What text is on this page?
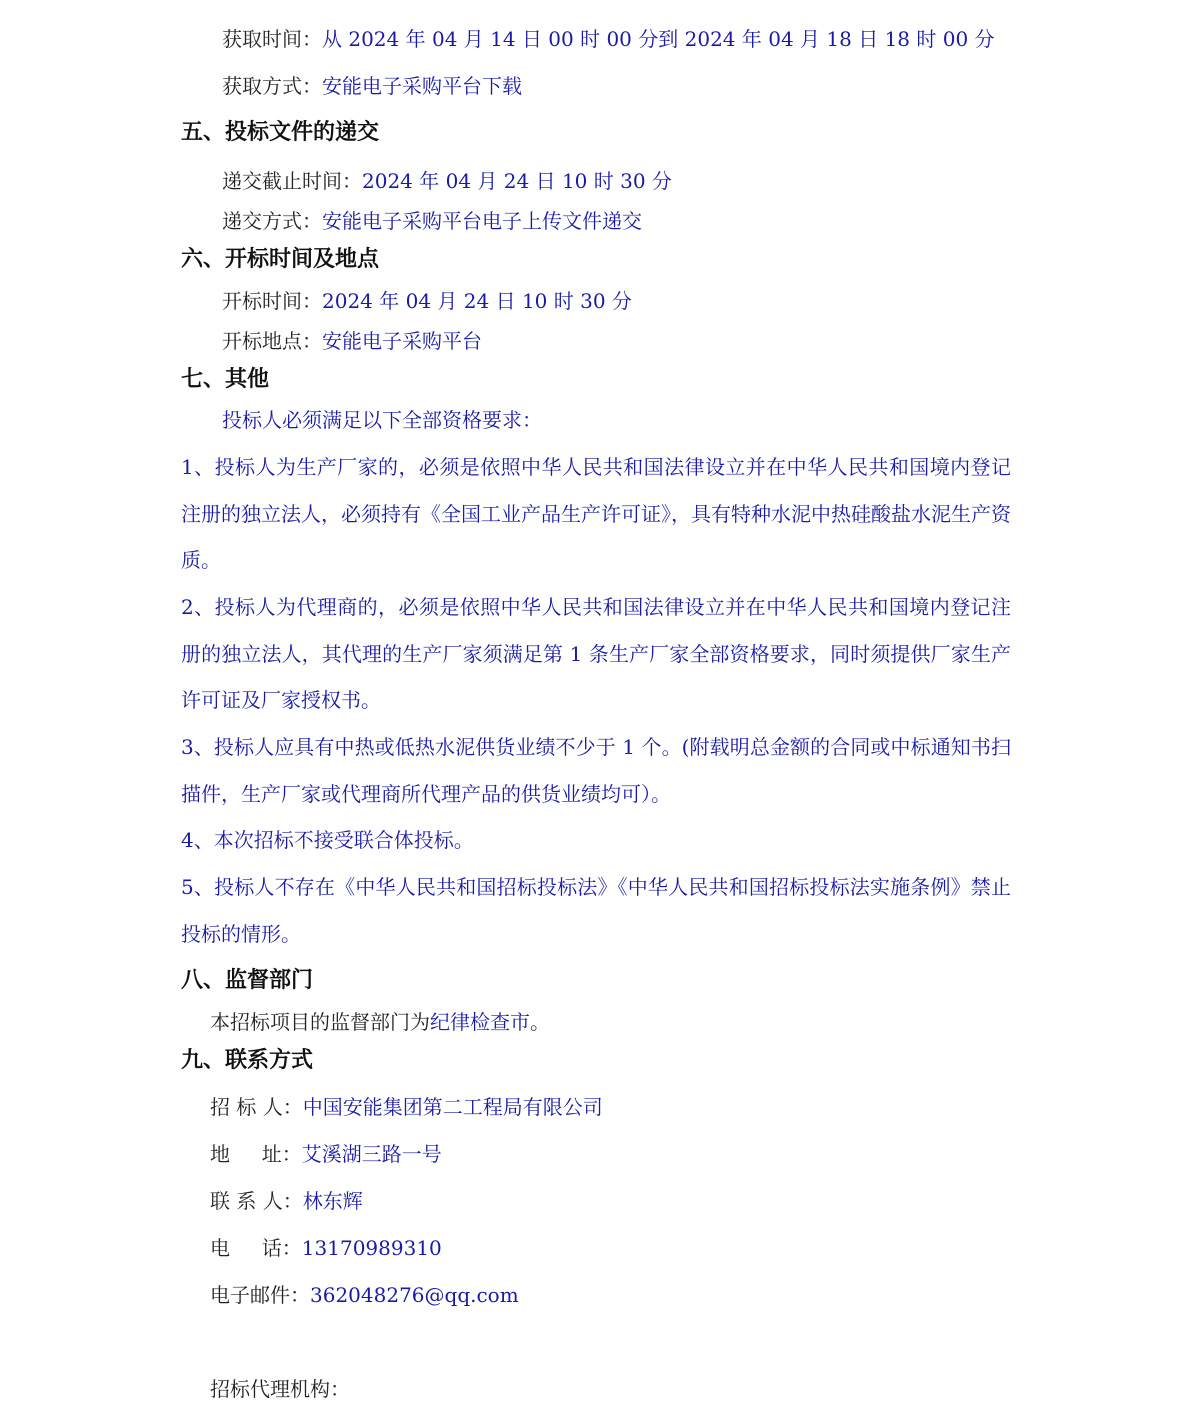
获取时间：从 2024 年 04 月 14 日 00 时 00 分到 2024 年 04 月 18 日 18 时 00 分
获取方式：安能电子采购平台下载
五、投标文件的递交
递交截止时间：2024 年 04 月 24 日 10 时 30 分
递交方式：安能电子采购平台电子上传文件递交
六、开标时间及地点
开标时间：2024 年 04 月 24 日 10 时 30 分
开标地点：安能电子采购平台
七、其他
投标人必须满足以下全部资格要求：

1、投标人为生产厂家的，必须是依照中华人民共和国法律设立并在中华人民共和国境内登记注册的独立法人，必须持有《全国工业产品生产许可证》，具有特种水泥中热硅酸盐水泥生产资质。

2、投标人为代理商的，必须是依照中华人民共和国法律设立并在中华人民共和国境内登记注册的独立法人，其代理的生产厂家须满足第 1 条生产厂家全部资格要求，同时须提供厂家生产许可证及厂家授权书。

3、投标人应具有中热或低热水泥供货业绩不少于 1 个。(附载明总金额的合同或中标通知书扫描件，生产厂家或代理商所代理产品的供货业绩均可）。

4、本次招标不接受联合体投标。

5、投标人不存在《中华人民共和国招标投标法》《中华人民共和国招标投标法实施条例》禁止投标的情形。

八、监督部门
本招标项目的监督部门为纪律检查市。
九、联系方式
招 标 人：中国安能集团第二工程局有限公司
地     址：艾溪湖三路一号
联 系 人：林东辉
电     话：13170989310
电子邮件：362048276@qq.com
招标代理机构：
